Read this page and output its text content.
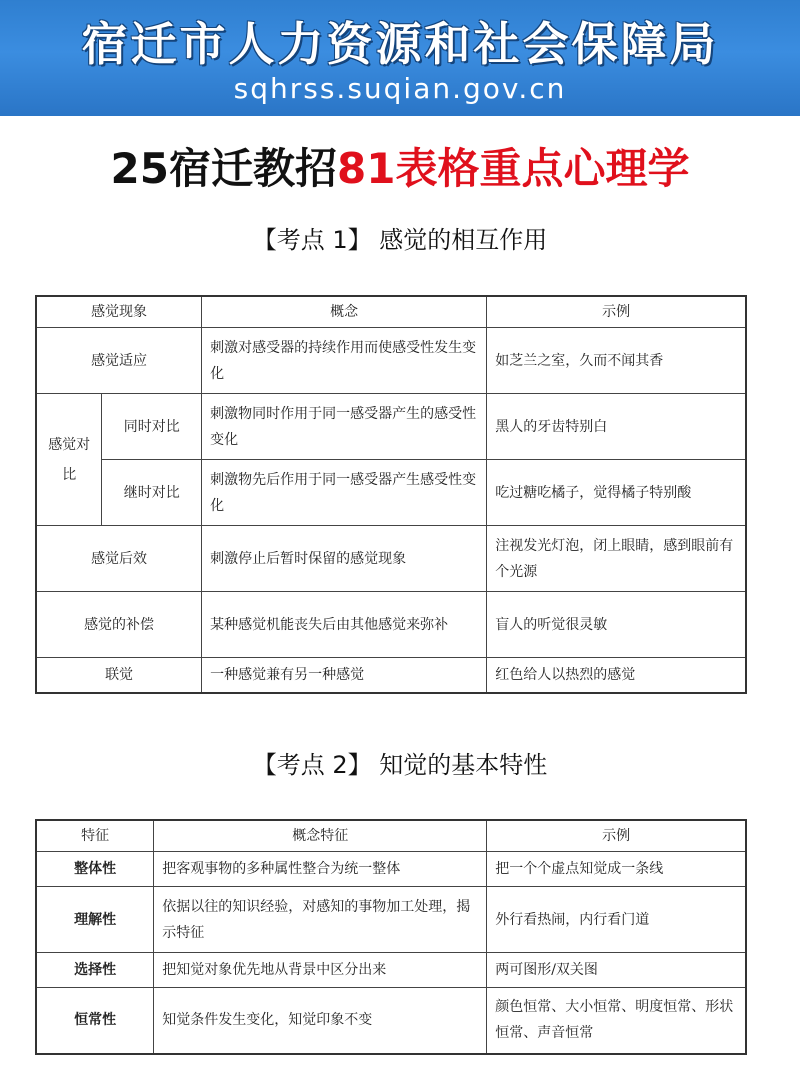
宿迁市人力资源和社会保障局
sqhrss.suqian.gov.cn
25宿迁教招81表格重点心理学
【考点 1】 感觉的相互作用
感觉现象		概念	示例
感觉适应		刺激对感受器的持续作用而使感受性发生变化	如芝兰之室，久而不闻其香
感觉对比	同时对比	刺激物同时作用于同一感受器产生的感受性变化	黑人的牙齿特别白
	继时对比	刺激物先后作用于同一感受器产生感受性变化	吃过糖吃橘子，觉得橘子特别酸
感觉后效		刺激停止后暂时保留的感觉现象	注视发光灯泡，闭上眼睛，感到眼前有个光源
感觉的补偿		某种感觉机能丧失后由其他感觉来弥补	盲人的听觉很灵敏
联觉		一种感觉兼有另一种感觉	红色给人以热烈的感觉
【考点 2】 知觉的基本特性
特征	概念特征	示例
整体性	把客观事物的多种属性整合为统一整体	把一个个虚点知觉成一条线
理解性	依据以往的知识经验，对感知的事物加工处理，揭示特征	外行看热闹，内行看门道
选择性	把知觉对象优先地从背景中区分出来	两可图形/双关图
恒常性	知觉条件发生变化，知觉印象不变	颜色恒常、大小恒常、明度恒常、形状恒常、声音恒常
